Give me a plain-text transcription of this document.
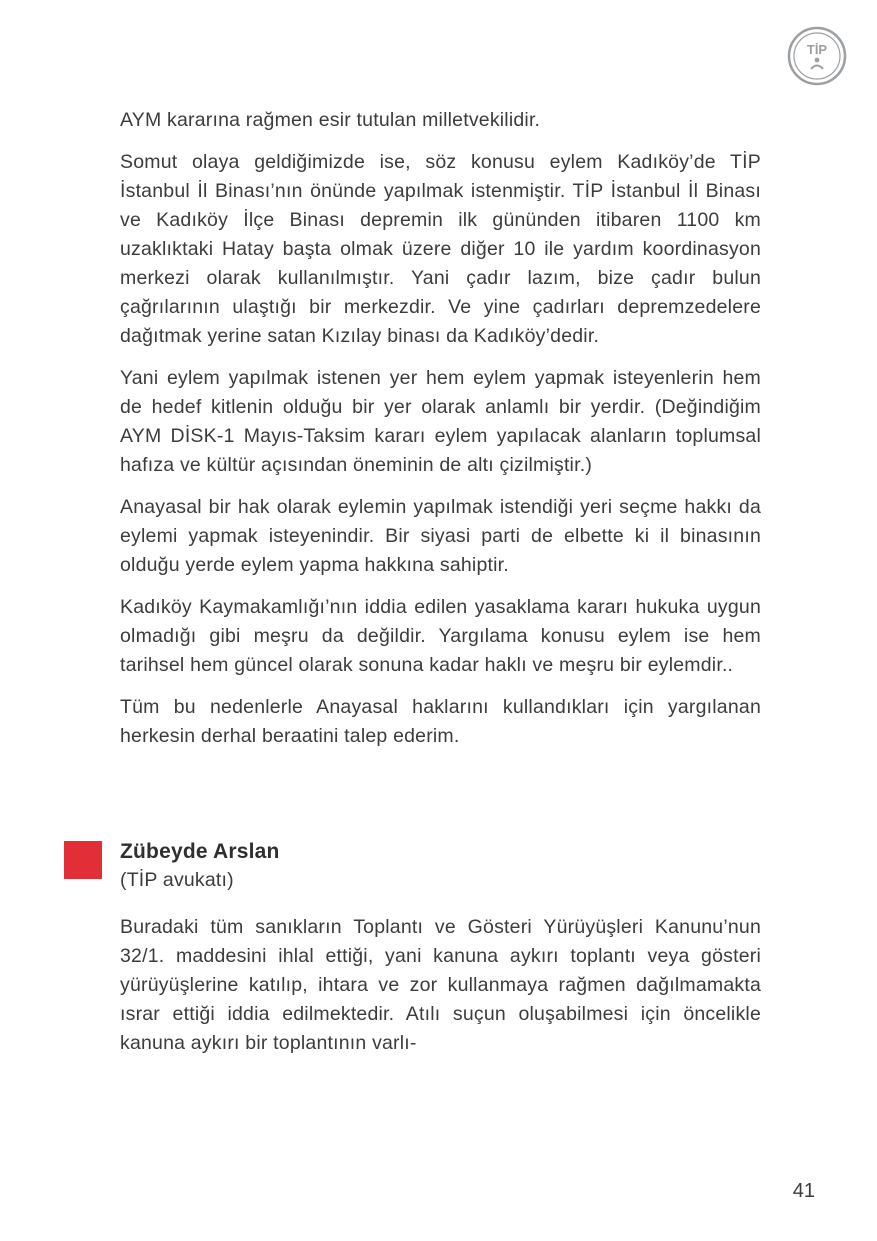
TİP

AYM kararına rağmen esir tutulan milletvekilidir.

Somut olaya geldiğimizde ise, söz konusu eylem Kadıköy’de TİP İstanbul İl Binası’nın önünde yapılmak istenmiştir. TİP İstanbul İl Binası ve Kadıköy İlçe Binası depremin ilk gününden itibaren 1100 km uzaklıktaki Hatay başta olmak üzere diğer 10 ile yardım koordinasyon merkezi olarak kullanılmıştır. Yani çadır lazım, bize çadır bulun çağrılarının ulaştığı bir merkezdir. Ve yine çadırları depremzedelere dağıtmak yerine satan Kızılay binası da Kadıköy’dedir.

Yani eylem yapılmak istenen yer hem eylem yapmak isteyenlerin hem de hedef kitlenin olduğu bir yer olarak anlamlı bir yerdir. (Değindiğim AYM DİSK-1 Mayıs-Taksim kararı eylem yapılacak alanların toplumsal hafıza ve kültür açısından öneminin de altı çizilmiştir.)

Anayasal bir hak olarak eylemin yapılmak istendiği yeri seçme hakkı da eylemi yapmak isteyenindir. Bir siyasi parti de elbette ki il binasının olduğu yerde eylem yapma hakkına sahiptir.

Kadıköy Kaymakamlığı’nın iddia edilen yasaklama kararı hukuka uygun olmadığı gibi meşru da değildir. Yargılama konusu eylem ise hem tarihsel hem güncel olarak sonuna kadar haklı ve meşru bir eylemdir..

Tüm bu nedenlerle Anayasal haklarını kullandıkları için yargılanan herkesin derhal beraatini talep ederim.

Zübeyde Arslan
(TİP avukatı)

Buradaki tüm sanıkların Toplantı ve Gösteri Yürüyüşleri Kanunu’nun 32/1. maddesini ihlal ettiği, yani kanuna aykırı toplantı veya gösteri yürüyüşlerine katılıp, ihtara ve zor kullanmaya rağmen dağılmamakta ısrar ettiği iddia edilmektedir. Atılı suçun oluşabilmesi için öncelikle kanuna aykırı bir toplantının varlı-

41
